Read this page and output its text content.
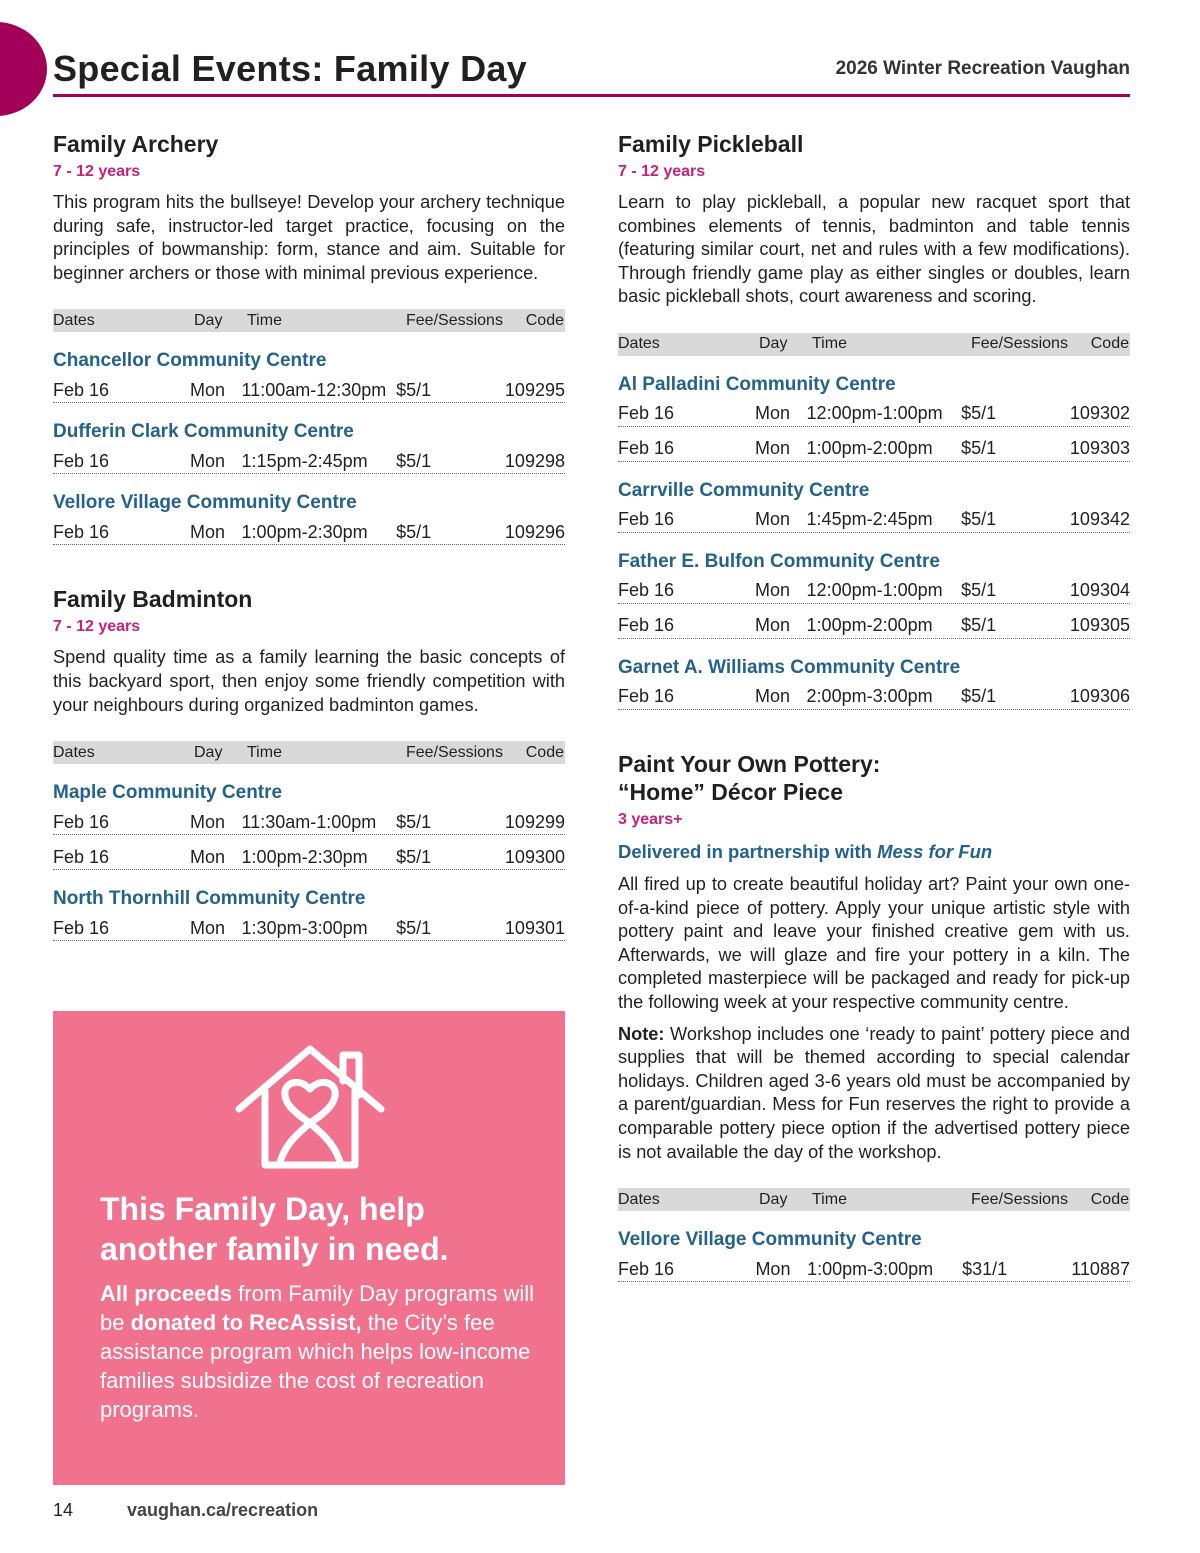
Special Events: Family Day	2026 Winter Recreation Vaughan
Family Archery
7 - 12 years

This program hits the bullseye! Develop your archery technique during safe, instructor-led target practice, focusing on the principles of bowmanship: form, stance and aim. Suitable for beginner archers or those with minimal previous experience.

Dates	Day	Time	Fee/Sessions	Code
Chancellor Community Centre
Feb 16	Mon 11:00am-12:30pm $5/1	109295
Dufferin Clark Community Centre
Feb 16	Mon 1:15pm-2:45pm	$5/1	109298
Vellore Village Community Centre
Feb 16	Mon 1:00pm-2:30pm	$5/1	109296
Family Badminton
7 - 12 years

Spend quality time as a family learning the basic concepts of this backyard sport, then enjoy some friendly competition with your neighbours during organized badminton games.

Dates	Day	Time	Fee/Sessions	Code
Maple Community Centre
Feb 16	Mon 11:30am-1:00pm	$5/1	109299
Feb 16	Mon 1:00pm-2:30pm	$5/1	109300
North Thornhill Community Centre
Feb 16	Mon 1:30pm-3:00pm	$5/1	109301
This Family Day, help
another family in need.

All proceeds from Family Day programs will be donated to RecAssist, the City’s fee assistance program which helps low-income families subsidize the cost of recreation programs.

Family Pickleball
7 - 12 years

Learn to play pickleball, a popular new racquet sport that combines elements of tennis, badminton and table tennis (featuring similar court, net and rules with a few modifications). Through friendly game play as either singles or doubles, learn basic pickleball shots, court awareness and scoring.

Dates	Day	Time	Fee/Sessions	Code
Al Palladini Community Centre
Feb 16	Mon 12:00pm-1:00pm	$5/1	109302
Feb 16	Mon 1:00pm-2:00pm	$5/1	109303
Carrville Community Centre
Feb 16	Mon 1:45pm-2:45pm	$5/1	109342
Father E. Bulfon Community Centre
Feb 16	Mon 12:00pm-1:00pm	$5/1	109304
Feb 16	Mon 1:00pm-2:00pm	$5/1	109305
Garnet A. Williams Community Centre
Feb 16	Mon 2:00pm-3:00pm	$5/1	109306
Paint Your Own Pottery:
“Home” Décor Piece
3 years+
Delivered in partnership with Mess for Fun

All fired up to create beautiful holiday art? Paint your own one-of-a-kind piece of pottery. Apply your unique artistic style with pottery paint and leave your finished creative gem with us. Afterwards, we will glaze and fire your pottery in a kiln. The completed masterpiece will be packaged and ready for pick-up the following week at your respective community centre.

Note: Workshop includes one ‘ready to paint’ pottery piece and supplies that will be themed according to special calendar holidays. Children aged 3-6 years old must be accompanied by a parent/guardian. Mess for Fun reserves the right to provide a comparable pottery piece option if the advertised pottery piece is not available the day of the workshop.

Dates	Day	Time	Fee/Sessions	Code
Vellore Village Community Centre
Feb 16	Mon 1:00pm-3:00pm	$31/1	110887
14	vaughan.ca/recreation
